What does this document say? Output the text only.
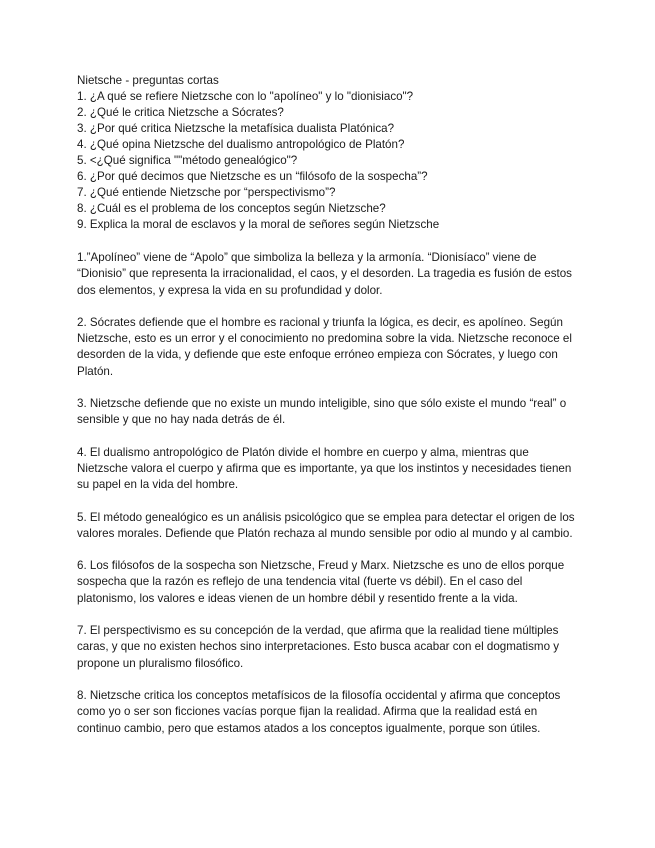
Nietsche - preguntas cortas
1. ¿A qué se refiere Nietzsche con lo "apolíneo" y lo "dionisiaco"?
2. ¿Qué le critica Nietzsche a Sócrates?
3. ¿Por qué critica Nietzsche la metafísica dualista Platónica?
4. ¿Qué opina Nietzsche del dualismo antropológico de Platón?
5. <¿Qué significa ""método genealógico"?
6. ¿Por qué decimos que Nietzsche es un “filósofo de la sospecha”?
7. ¿Qué entiende Nietzsche por “perspectivismo”?
8. ¿Cuál es el problema de los conceptos según Nietzsche?
9. Explica la moral de esclavos y la moral de señores según Nietzsche

1.”Apolíneo” viene de “Apolo” que simboliza la belleza y la armonía. “Dionisíaco” viene de “Dionisio” que representa la irracionalidad, el caos, y el desorden. La tragedia es fusión de estos dos elementos, y expresa la vida en su profundidad y dolor.

2. Sócrates defiende que el hombre es racional y triunfa la lógica, es decir, es apolíneo. Según Nietzsche, esto es un error y el conocimiento no predomina sobre la vida. Nietzsche reconoce el desorden de la vida, y defiende que este enfoque erróneo empieza con Sócrates, y luego con Platón.

3. Nietzsche defiende que no existe un mundo inteligible, sino que sólo existe el mundo “real” o sensible y que no hay nada detrás de él.

4. El dualismo antropológico de Platón divide el hombre en cuerpo y alma, mientras que Nietzsche valora el cuerpo y afirma que es importante, ya que los instintos y necesidades tienen su papel en la vida del hombre.

5. El método genealógico es un análisis psicológico que se emplea para detectar el origen de los valores morales. Defiende que Platón rechaza al mundo sensible por odio al mundo y al cambio.

6. Los filósofos de la sospecha son Nietzsche, Freud y Marx. Nietzsche es uno de ellos porque sospecha que la razón es reflejo de una tendencia vital (fuerte vs débil). En el caso del platonismo, los valores e ideas vienen de un hombre débil y resentido frente a la vida.

7. El perspectivismo es su concepción de la verdad, que afirma que la realidad tiene múltiples caras, y que no existen hechos sino interpretaciones. Esto busca acabar con el dogmatismo y propone un pluralismo filosófico.

8. Nietzsche critica los conceptos metafísicos de la filosofía occidental y afirma que conceptos como yo o ser son ficciones vacías porque fijan la realidad. Afirma que la realidad está en continuo cambio, pero que estamos atados a los conceptos igualmente, porque son útiles.
